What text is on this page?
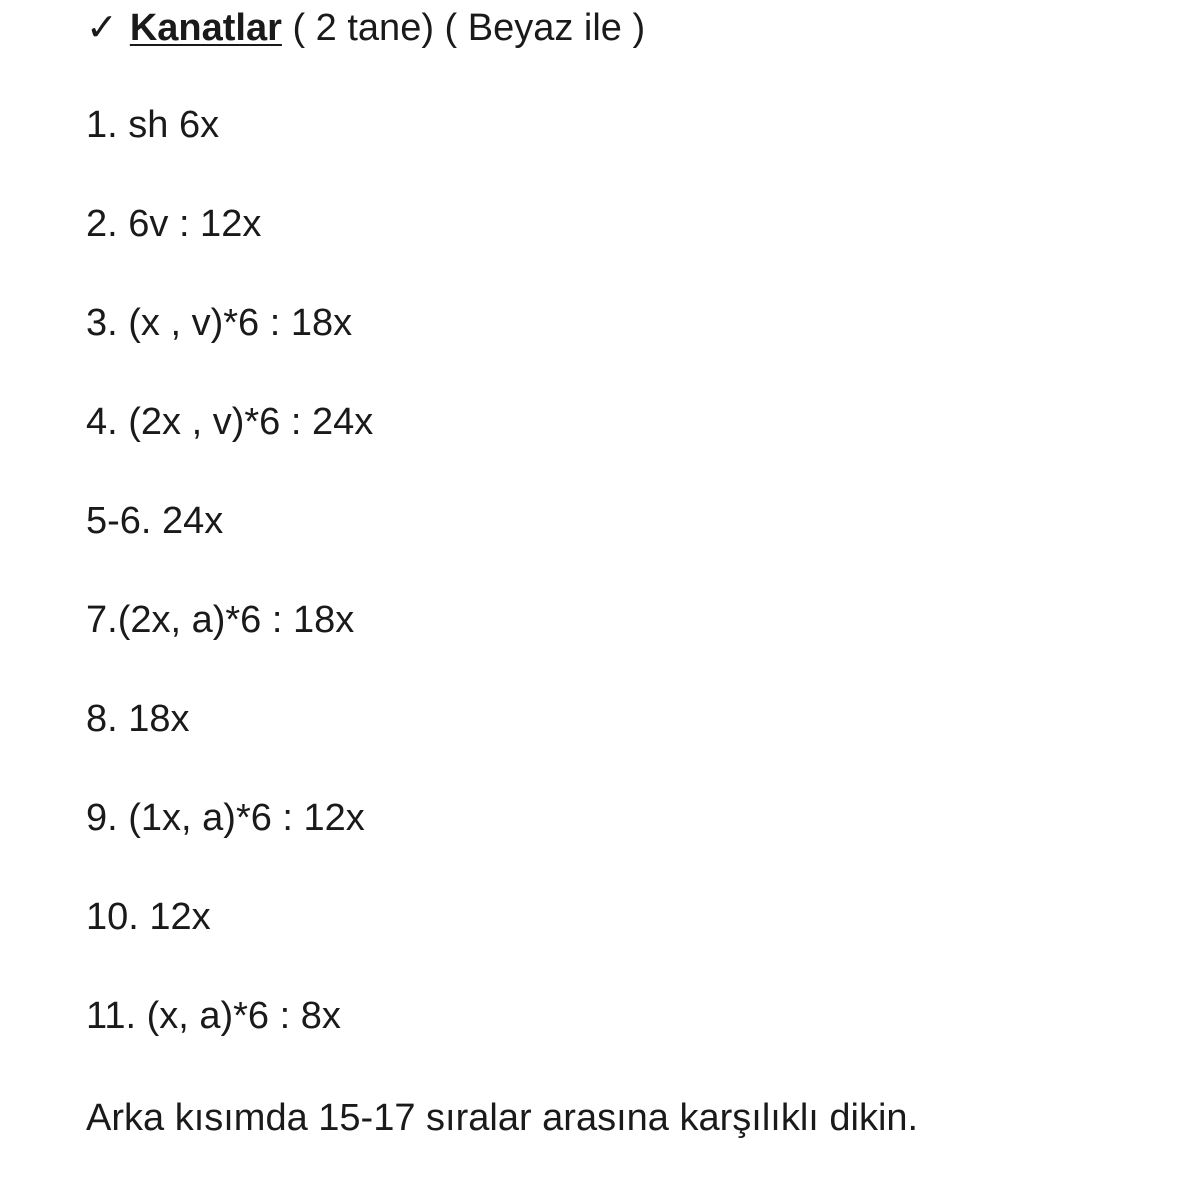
✓ Kanatlar ( 2 tane) ( Beyaz ile )
1. sh 6x
2. 6v : 12x
3. (x , v)*6 : 18x
4. (2x , v)*6 : 24x
5-6. 24x
7.(2x, a)*6 : 18x
8. 18x
9. (1x, a)*6 : 12x
10. 12x
11. (x, a)*6 : 8x
Arka kısımda 15-17 sıralar arasına karşılıklı dikin.
